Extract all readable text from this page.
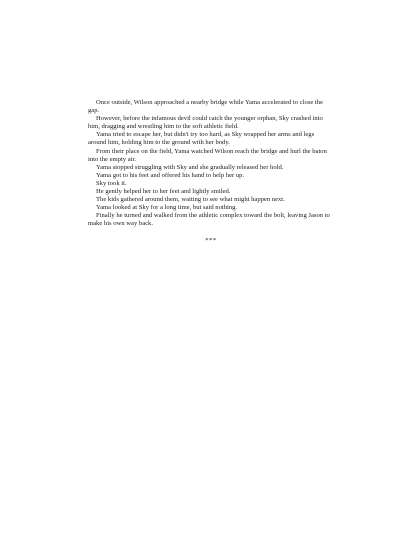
Once outside, Wilson approached a nearby bridge while Yama accelerated to close the gap.

However, before the infamous devil could catch the younger orphan, Sky crashed into him, dragging and wrestling him to the soft athletic field.

Yama tried to escape her, but didn't try too hard, as Sky wrapped her arms and legs around him, holding him to the ground with her body.

From their place on the field, Yama watched Wilson reach the bridge and hurl the baton into the empty air.

Yama stopped struggling with Sky and she gradually released her hold.

Yama got to his feet and offered his hand to help her up.

Sky took it.

He gently helped her to her feet and lightly smiled.

The kids gathered around them, waiting to see what might happen next.

Yama looked at Sky for a long time, but said nothing.

Finally he turned and walked from the athletic complex toward the bolt, leaving Jason to make his own way back.

***
